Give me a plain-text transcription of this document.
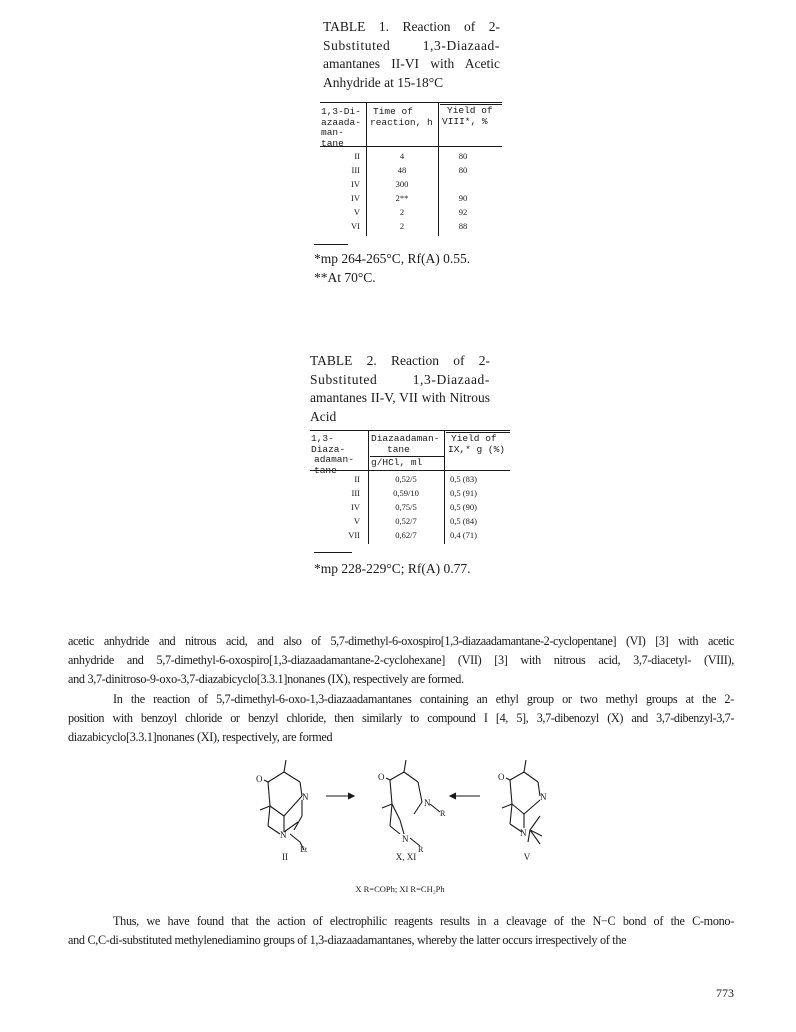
TABLE 1. Reaction of 2-
Substituted 1,3-Diazaad-
amantanes II-VI with Acetic
Anhydride at 15-18°C
1,3-Di-
azaada-
man-
tane
Time of
reaction, h
Yield of
VIII*, %
II	4	80
III	48	80
IV	300
IV	2**	90
V	2	92
VI	2	88
*mp 264-265°C, Rf(A) 0.55.
**At 70°C.
TABLE 2. Reaction of 2-
Substituted 1,3-Diazaad-
amantanes II-V, VII with Nitrous
Acid
1,3-Diaza-
adaman-
tane
Diazaadaman-
tane
g/HCl, ml
Yield of
IX,* g (%)
II	0,52/5	0,5 (83)
III	0,59/10	0,5 (91)
IV	0,75/5	0,5 (90)
V	0,52/7	0,5 (84)
VII	0,62/7	0,4 (71)
*mp 228-229°C; Rf(A) 0.77.
acetic anhydride and nitrous acid, and also of 5,7-dimethyl-6-oxospiro[1,3-diazaadamantane-2-cyclopentane] (VI) [3] with acetic
anhydride and 5,7-dimethyl-6-oxospiro[1,3-diazaadamantane-2-cyclohexane] (VII) [3] with nitrous acid, 3,7-diacetyl- (VIII),
and 3,7-dinitroso-9-oxo-3,7-diazabicyclo[3.3.1]nonanes (IX), respectively are formed.
In the reaction of 5,7-dimethyl-6-oxo-1,3-diazaadamantanes containing an ethyl group or two methyl groups at the 2-
position with benzoyl chloride or benzyl chloride, then similarly to compound I [4, 5], 3,7-dibenozyl (X) and 3,7-dibenzyl-3,7-
diazabicyclo[3.3.1]nonanes (XI), respectively, are formed
O
N
N
Et
O
N
R
N
R
O
N
N
II	X, XI	V
X R=COPh; XI R=CH₂Ph
Thus, we have found that the action of electrophilic reagents results in a cleavage of the N−C bond of the C-mono-
and C,C-di-substituted methylenediamino groups of 1,3-diazaadamantanes, whereby the latter occurs irrespectively of the
773
